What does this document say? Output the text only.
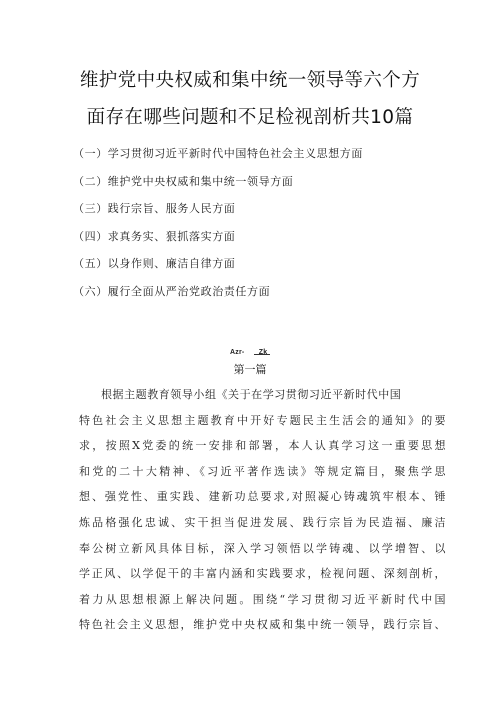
维护党中央权威和集中统一领导等六个方
面存在哪些问题和不足检视剖析共10篇
（一）学习贯彻习近平新时代中国特色社会主义思想方面
（二）维护党中央权威和集中统一领导方面
（三）践行宗旨、服务人民方面
（四）求真务实、狠抓落实方面
（五）以身作则、廉洁自律方面
（六）履行全面从严治党政治责任方面
Azr-　　Zk
第一篇
根据主题教育领导小组《关于在学习贯彻习近平新时代中国
特色社会主义思想主题教育中开好专题民主生活会的通知》的要
求，按照X党委的统一安排和部署，本人认真学习这一重要思想
和党的二十大精神、《习近平著作选读》等规定篇目，聚焦学思
想、强党性、重实践、建新功总要求,对照凝心铸魂筑牢根本、锤
炼品格强化忠诚、实干担当促进发展、践行宗旨为民造福、廉洁
奉公树立新风具体目标，深入学习领悟以学铸魂、以学增智、以
学正风、以学促干的丰富内涵和实践要求，检视问题、深刻剖析，
着力从思想根源上解决问题。围绕“学习贯彻习近平新时代中国
特色社会主义思想，维护党中央权威和集中统一领导，践行宗旨、
